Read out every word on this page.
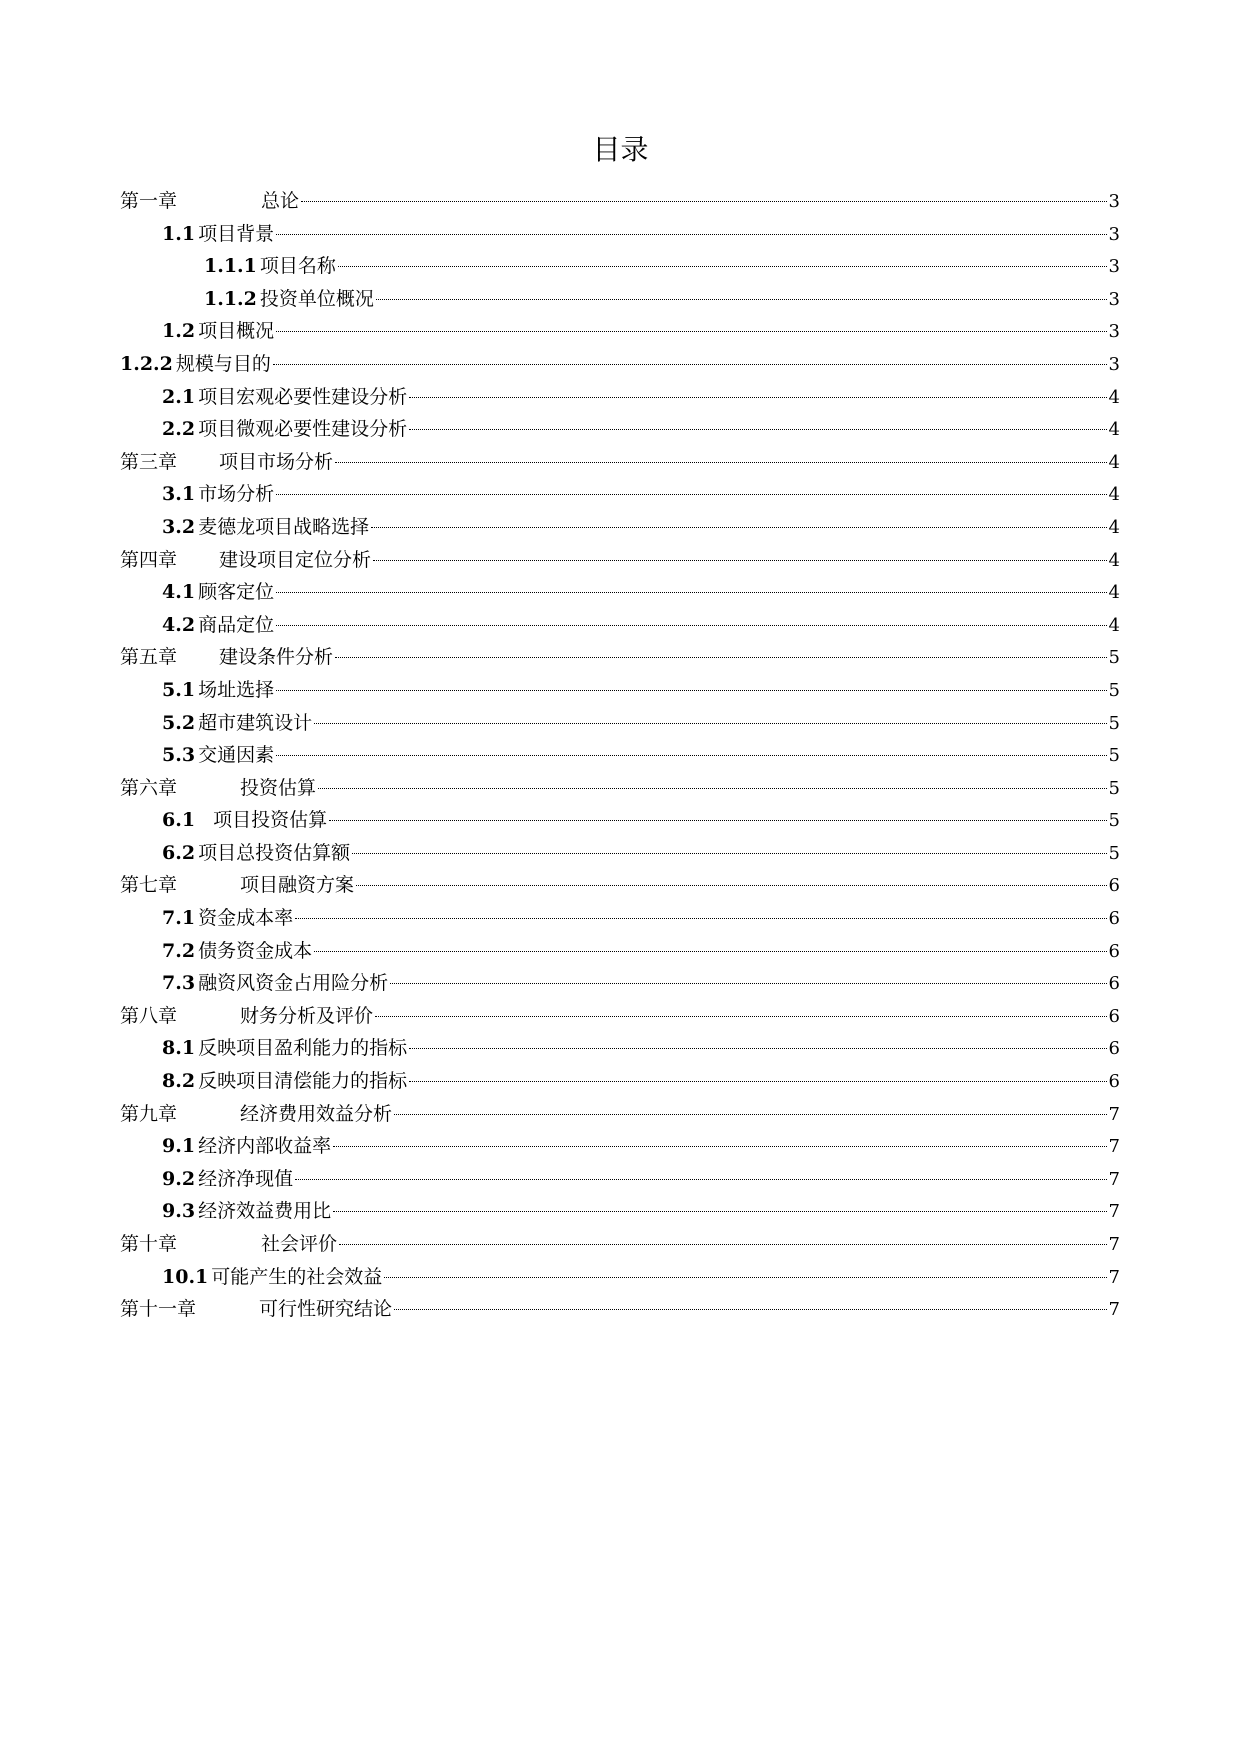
目录
第一章	总论	3
1.1 项目背景	3
1.1.1 项目名称	3
1.1.2 投资单位概况	3
1.2 项目概况	3
1.2.2 规模与目的	3
2.1 项目宏观必要性建设分析	4
2.2 项目微观必要性建设分析	4
第三章 项目市场分析	4
3.1 市场分析	4
3.2 麦德龙项目战略选择	4
第四章 建设项目定位分析	4
4.1 顾客定位	4
4.2 商品定位	4
第五章 建设条件分析	5
5.1 场址选择	5
5.2 超市建筑设计	5
5.3 交通因素	5
第六章	投资估算	5
6.1 项目投资估算	5
6.2 项目总投资估算额	5
第七章	项目融资方案	6
7.1 资金成本率	6
7.2 债务资金成本	6
7.3 融资风资金占用险分析	6
第八章	财务分析及评价	6
8.1 反映项目盈利能力的指标	6
8.2 反映项目清偿能力的指标	6
第九章	经济费用效益分析	7
9.1 经济内部收益率	7
9.2 经济净现值	7
9.3 经济效益费用比	7
第十章	社会评价	7
10.1 可能产生的社会效益	7
第十一章	可行性研究结论	7
